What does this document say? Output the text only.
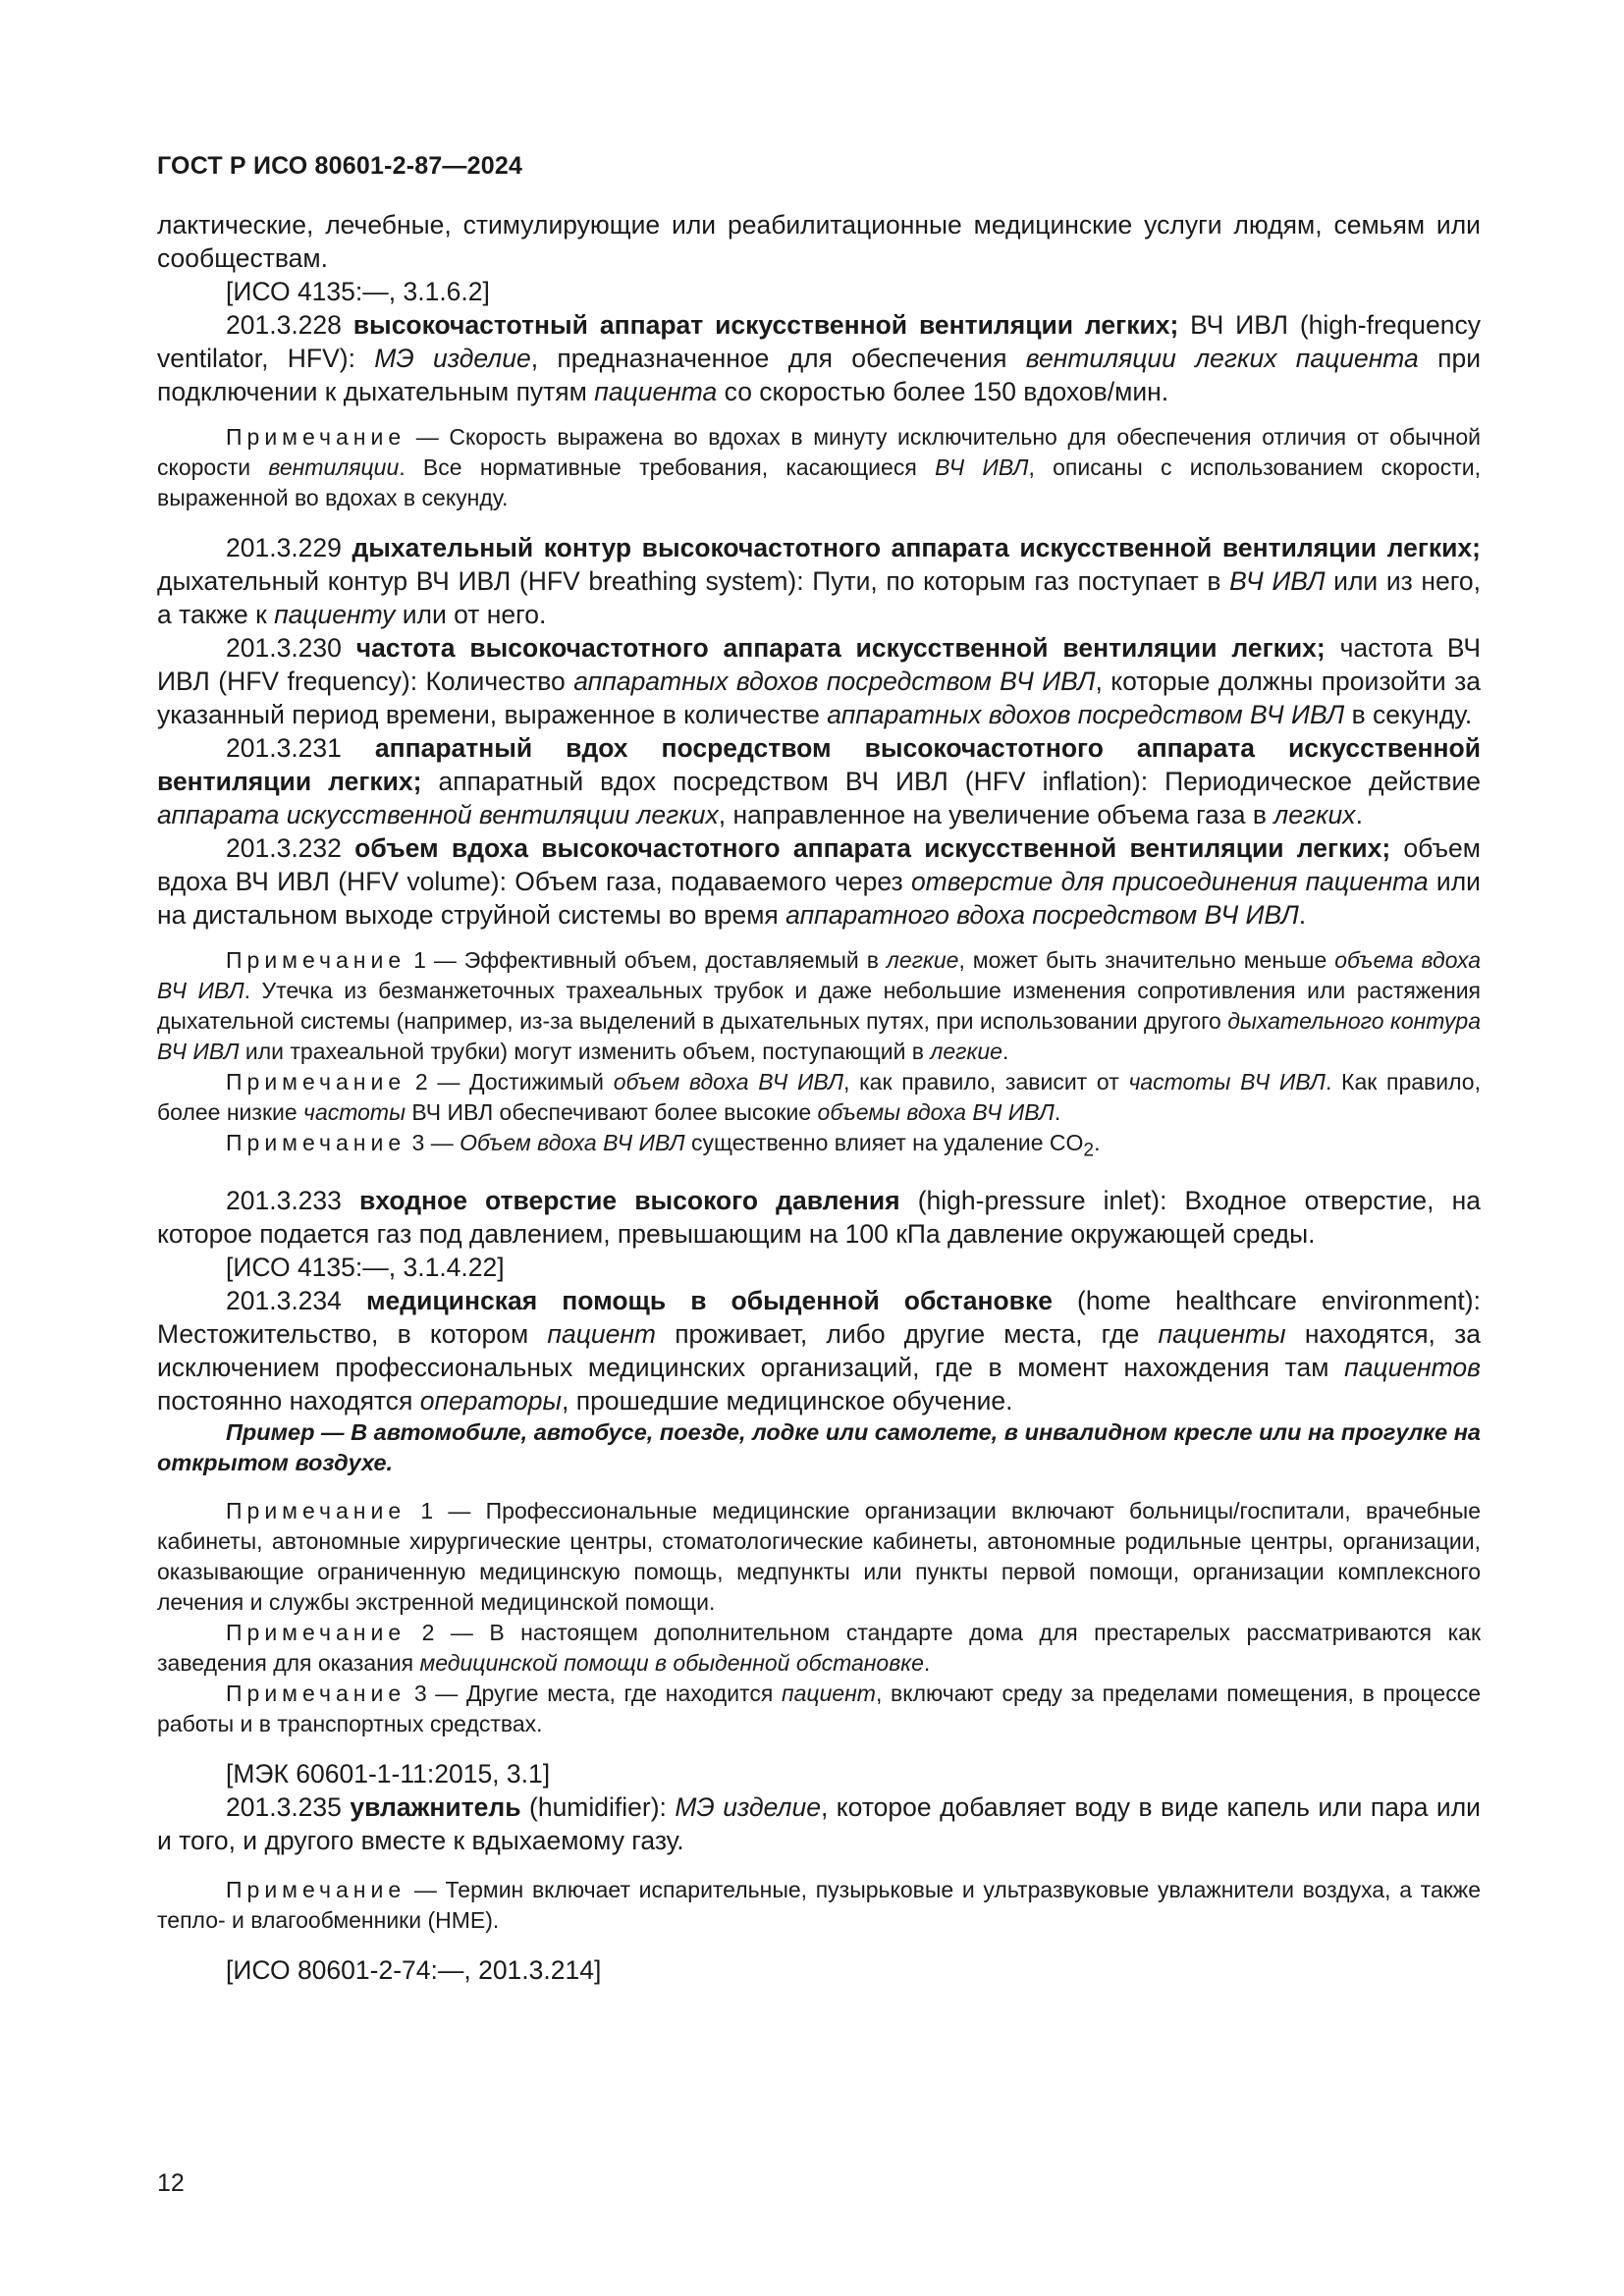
ГОСТ Р ИСО 80601-2-87—2024
лактические, лечебные, стимулирующие или реабилитационные медицинские услуги людям, семьям или сообществам.
[ИСО 4135:—, 3.1.6.2]
201.3.228 высокочастотный аппарат искусственной вентиляции легких; ВЧ ИВЛ (high-frequency ventilator, HFV): МЭ изделие, предназначенное для обеспечения вентиляции легких пациента при подключении к дыхательным путям пациента со скоростью более 150 вдохов/мин.
Примечание — Скорость выражена во вдохах в минуту исключительно для обеспечения отличия от обычной скорости вентиляции. Все нормативные требования, касающиеся ВЧ ИВЛ, описаны с использованием скорости, выраженной во вдохах в секунду.
201.3.229 дыхательный контур высокочастотного аппарата искусственной вентиляции легких; дыхательный контур ВЧ ИВЛ (HFV breathing system): Пути, по которым газ поступает в ВЧ ИВЛ или из него, а также к пациенту или от него.
201.3.230 частота высокочастотного аппарата искусственной вентиляции легких; частота ВЧ ИВЛ (HFV frequency): Количество аппаратных вдохов посредством ВЧ ИВЛ, которые должны произойти за указанный период времени, выраженное в количестве аппаратных вдохов посредством ВЧ ИВЛ в секунду.
201.3.231 аппаратный вдох посредством высокочастотного аппарата искусственной вентиляции легких; аппаратный вдох посредством ВЧ ИВЛ (HFV inflation): Периодическое действие аппарата искусственной вентиляции легких, направленное на увеличение объема газа в легких.
201.3.232 объем вдоха высокочастотного аппарата искусственной вентиляции легких; объем вдоха ВЧ ИВЛ (HFV volume): Объем газа, подаваемого через отверстие для присоединения пациента или на дистальном выходе струйной системы во время аппаратного вдоха посредством ВЧ ИВЛ.
Примечание 1 — Эффективный объем, доставляемый в легкие, может быть значительно меньше объема вдоха ВЧ ИВЛ. Утечка из безманжеточных трахеальных трубок и даже небольшие изменения сопротивления или растяжения дыхательной системы (например, из-за выделений в дыхательных путях, при использовании другого дыхательного контура ВЧ ИВЛ или трахеальной трубки) могут изменить объем, поступающий в легкие.
Примечание 2 — Достижимый объем вдоха ВЧ ИВЛ, как правило, зависит от частоты ВЧ ИВЛ. Как правило, более низкие частоты ВЧ ИВЛ обеспечивают более высокие объемы вдоха ВЧ ИВЛ.
Примечание 3 — Объем вдоха ВЧ ИВЛ существенно влияет на удаление $CO_2$.
201.3.233 входное отверстие высокого давления (high-pressure inlet): Входное отверстие, на которое подается газ под давлением, превышающим на 100 кПа давление окружающей среды.
[ИСО 4135:—, 3.1.4.22]
201.3.234 медицинская помощь в обыденной обстановке (home healthcare environment): Местожительство, в котором пациент проживает, либо другие места, где пациенты находятся, за исключением профессиональных медицинских организаций, где в момент нахождения там пациентов постоянно находятся операторы, прошедшие медицинское обучение.
Пример — В автомобиле, автобусе, поезде, лодке или самолете, в инвалидном кресле или на прогулке на открытом воздухе.
Примечание 1 — Профессиональные медицинские организации включают больницы/госпитали, врачебные кабинеты, автономные хирургические центры, стоматологические кабинеты, автономные родильные центры, организации, оказывающие ограниченную медицинскую помощь, медпункты или пункты первой помощи, организации комплексного лечения и службы экстренной медицинской помощи.
Примечание 2 — В настоящем дополнительном стандарте дома для престарелых рассматриваются как заведения для оказания медицинской помощи в обыденной обстановке.
Примечание 3 — Другие места, где находится пациент, включают среду за пределами помещения, в процессе работы и в транспортных средствах.
[МЭК 60601-1-11:2015, 3.1]
201.3.235 увлажнитель (humidifier): МЭ изделие, которое добавляет воду в виде капель или пара или и того, и другого вместе к вдыхаемому газу.
Примечание — Термин включает испарительные, пузырьковые и ультразвуковые увлажнители воздуха, а также тепло- и влагообменники (HME).
[ИСО 80601-2-74:—, 201.3.214]
12
